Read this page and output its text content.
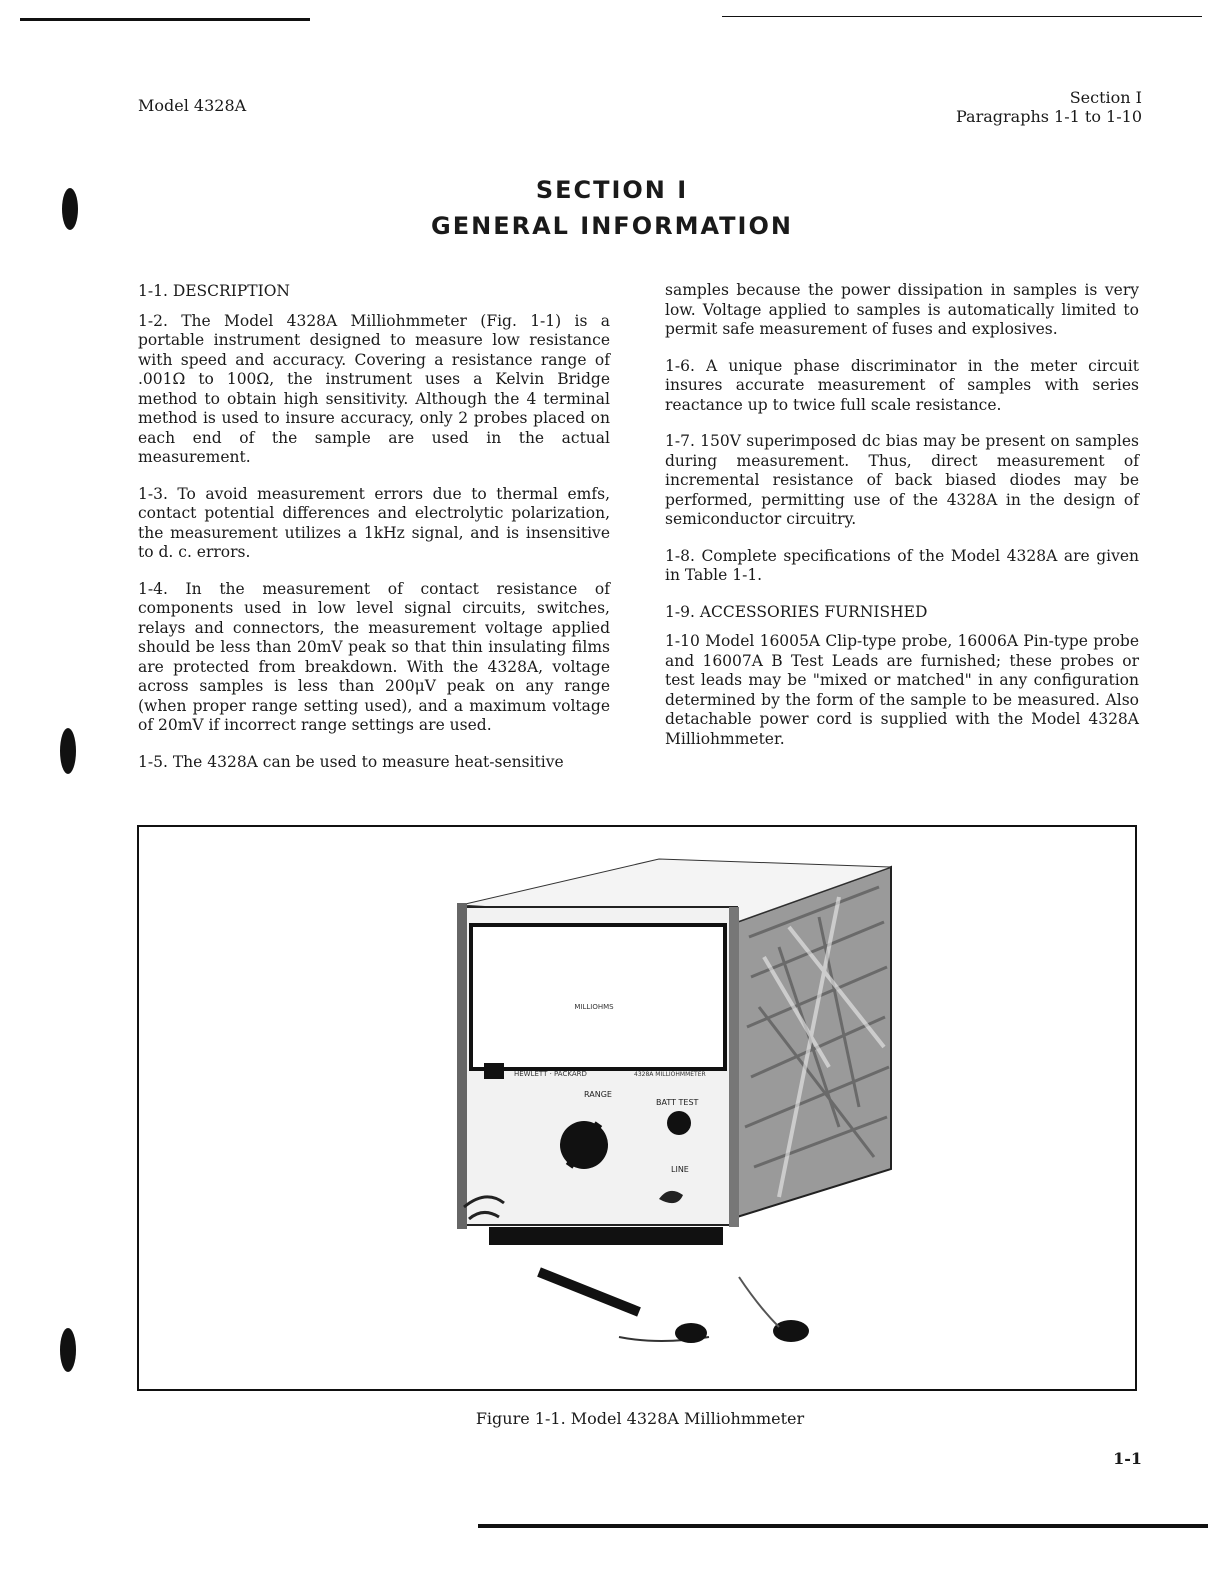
Model 4328A	Section I
Paragraphs 1-1 to 1-10
SECTION I
GENERAL INFORMATION

1-1. DESCRIPTION

1-2. The Model 4328A Milliohmmeter (Fig. 1-1) is a portable instrument designed to measure low resistance with speed and accuracy. Covering a resistance range of .001Ω to 100Ω, the instrument uses a Kelvin Bridge method to obtain high sensitivity. Although the 4 terminal method is used to insure accuracy, only 2 probes placed on each end of the sample are used in the actual measurement.

1-3. To avoid measurement errors due to thermal emfs, contact potential differences and electrolytic polarization, the measurement utilizes a 1kHz signal, and is insensitive to d. c. errors.

1-4. In the measurement of contact resistance of components used in low level signal circuits, switches, relays and connectors, the measurement voltage applied should be less than 20mV peak so that thin insulating films are protected from breakdown. With the 4328A, voltage across samples is less than 200μV peak on any range (when proper range setting used), and a maximum voltage of 20mV if incorrect range settings are used.

1-5. The 4328A can be used to measure heat-sensitive

samples because the power dissipation in samples is very low. Voltage applied to samples is automatically limited to permit safe measurement of fuses and explosives.

1-6. A unique phase discriminator in the meter circuit insures accurate measurement of samples with series reactance up to twice full scale resistance.

1-7. 150V superimposed dc bias may be present on samples during measurement. Thus, direct measurement of incremental resistance of back biased diodes may be performed, permitting use of the 4328A in the design of semiconductor circuitry.

1-8. Complete specifications of the Model 4328A are given in Table 1-1.

1-9. ACCESSORIES FURNISHED

1-10 Model 16005A Clip-type probe, 16006A Pin-type probe and 16007A B Test Leads are furnished; these probes or test leads may be "mixed or matched" in any configuration determined by the form of the sample to be measured. Also detachable power cord is supplied with the Model 4328A Milliohmmeter.

MILLIOHMS
HEWLETT · PACKARD	4328A MILLIOHMMETER
RANGE
BATT TEST
LINE
Figure 1-1. Model 4328A Milliohmmeter
1-1
